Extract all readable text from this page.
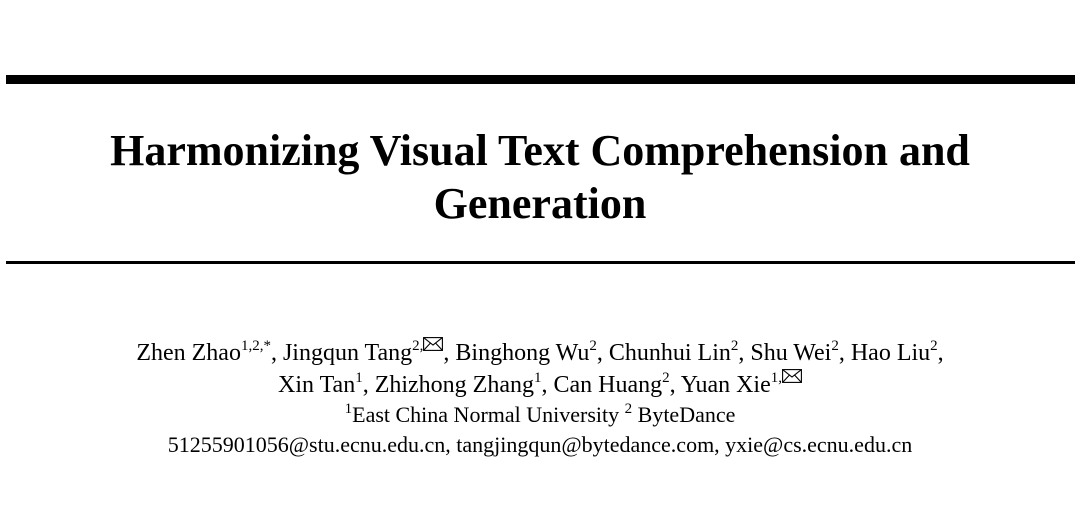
Harmonizing Visual Text Comprehension and
Generation
Zhen Zhao$^{1,2,*}$, Jingqun Tang$^{2,}$ , Binghong Wu$^2$, Chunhui Lin$^2$, Shu Wei$^2$, Hao Liu$^2$,
Xin Tan$^1$, Zhizhong Zhang$^1$, Can Huang$^2$, Yuan Xie$^{1,}$
$^1$East China Normal University $^2$ ByteDance
51255901056@stu.ecnu.edu.cn, tangjingqun@bytedance.com, yxie@cs.ecnu.edu.cn
